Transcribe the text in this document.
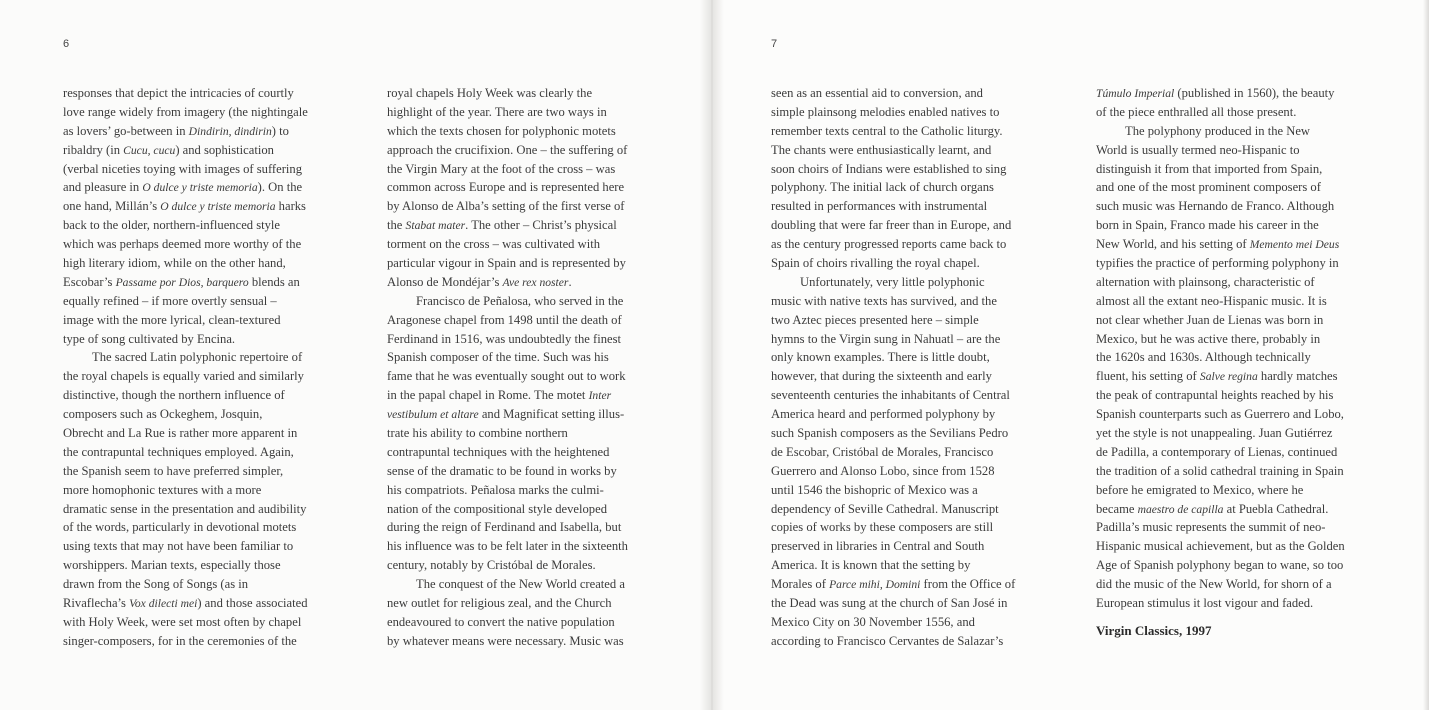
6
responses that depict the intricacies of courtly
love range widely from imagery (the nightingale
as lovers’ go-between in Dindirin, dindirin) to
ribaldry (in Cucu, cucu) and sophistication
(verbal niceties toying with images of suffering
and pleasure in O dulce y triste memoria). On the
one hand, Millán’s O dulce y triste memoria harks
back to the older, northern-influenced style
which was perhaps deemed more worthy of the
high literary idiom, while on the other hand,
Escobar’s Passame por Dios, barquero blends an
equally refined – if more overtly sensual –
image with the more lyrical, clean-textured
type of song cultivated by Encina.
The sacred Latin polyphonic repertoire of
the royal chapels is equally varied and similarly
distinctive, though the northern influence of
composers such as Ockeghem, Josquin,
Obrecht and La Rue is rather more apparent in
the contrapuntal techniques employed. Again,
the Spanish seem to have preferred simpler,
more homophonic textures with a more
dramatic sense in the presentation and audibility
of the words, particularly in devotional motets
using texts that may not have been familiar to
worshippers. Marian texts, especially those
drawn from the Song of Songs (as in
Rivaflecha’s Vox dilecti mei) and those associated
with Holy Week, were set most often by chapel
singer-composers, for in the ceremonies of the
royal chapels Holy Week was clearly the
highlight of the year. There are two ways in
which the texts chosen for polyphonic motets
approach the crucifixion. One – the suffering of
the Virgin Mary at the foot of the cross – was
common across Europe and is represented here
by Alonso de Alba’s setting of the first verse of
the Stabat mater. The other – Christ’s physical
torment on the cross – was cultivated with
particular vigour in Spain and is represented by
Alonso de Mondéjar’s Ave rex noster.
Francisco de Peñalosa, who served in the
Aragonese chapel from 1498 until the death of
Ferdinand in 1516, was undoubtedly the finest
Spanish composer of the time. Such was his
fame that he was eventually sought out to work
in the papal chapel in Rome. The motet Inter
vestibulum et altare and Magnificat setting illus-
trate his ability to combine northern
contrapuntal techniques with the heightened
sense of the dramatic to be found in works by
his compatriots. Peñalosa marks the culmi-
nation of the compositional style developed
during the reign of Ferdinand and Isabella, but
his influence was to be felt later in the sixteenth
century, notably by Cristóbal de Morales.
The conquest of the New World created a
new outlet for religious zeal, and the Church
endeavoured to convert the native population
by whatever means were necessary. Music was
7
seen as an essential aid to conversion, and
simple plainsong melodies enabled natives to
remember texts central to the Catholic liturgy.
The chants were enthusiastically learnt, and
soon choirs of Indians were established to sing
polyphony. The initial lack of church organs
resulted in performances with instrumental
doubling that were far freer than in Europe, and
as the century progressed reports came back to
Spain of choirs rivalling the royal chapel.
Unfortunately, very little polyphonic
music with native texts has survived, and the
two Aztec pieces presented here – simple
hymns to the Virgin sung in Nahuatl – are the
only known examples. There is little doubt,
however, that during the sixteenth and early
seventeenth centuries the inhabitants of Central
America heard and performed polyphony by
such Spanish composers as the Sevilians Pedro
de Escobar, Cristóbal de Morales, Francisco
Guerrero and Alonso Lobo, since from 1528
until 1546 the bishopric of Mexico was a
dependency of Seville Cathedral. Manuscript
copies of works by these composers are still
preserved in libraries in Central and South
America. It is known that the setting by
Morales of Parce mihi, Domini from the Office of
the Dead was sung at the church of San José in
Mexico City on 30 November 1556, and
according to Francisco Cervantes de Salazar’s
Túmulo Imperial (published in 1560), the beauty
of the piece enthralled all those present.
The polyphony produced in the New
World is usually termed neo-Hispanic to
distinguish it from that imported from Spain,
and one of the most prominent composers of
such music was Hernando de Franco. Although
born in Spain, Franco made his career in the
New World, and his setting of Memento mei Deus
typifies the practice of performing polyphony in
alternation with plainsong, characteristic of
almost all the extant neo-Hispanic music. It is
not clear whether Juan de Lienas was born in
Mexico, but he was active there, probably in
the 1620s and 1630s. Although technically
fluent, his setting of Salve regina hardly matches
the peak of contrapuntal heights reached by his
Spanish counterparts such as Guerrero and Lobo,
yet the style is not unappealing. Juan Gutiérrez
de Padilla, a contemporary of Lienas, continued
the tradition of a solid cathedral training in Spain
before he emigrated to Mexico, where he
became maestro de capilla at Puebla Cathedral.
Padilla’s music represents the summit of neo-
Hispanic musical achievement, but as the Golden
Age of Spanish polyphony began to wane, so too
did the music of the New World, for shorn of a
European stimulus it lost vigour and faded.
Virgin Classics, 1997
